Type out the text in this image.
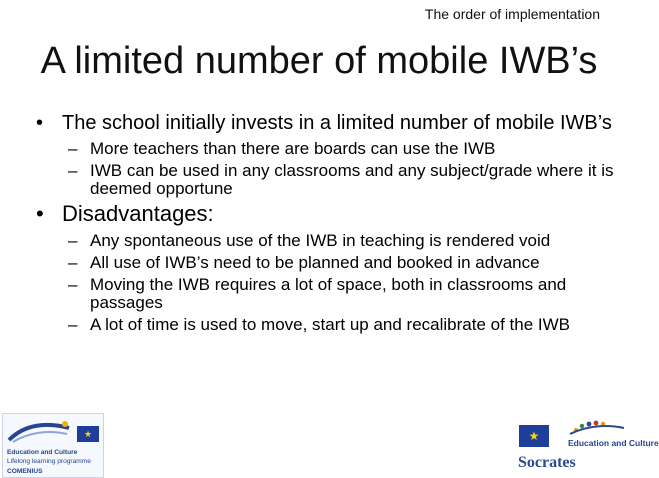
The order of implementation
A limited number of mobile IWB’s
• The school initially invests in a limited number of mobile IWB’s
– More teachers than there are boards can use the IWB
– IWB can be used in any classrooms and any subject/grade where it is deemed opportune
• Disadvantages:
– Any spontaneous use of the IWB in teaching is rendered void
– All use of IWB’s need to be planned and booked in advance
– Moving the IWB requires a lot of space, both in classrooms and passages
– A lot of time is used to move, start up and recalibrate of the IWB
★
Education and Culture
Lifelong learning programme
COMENIUS
★
Socrates
Education and Culture
